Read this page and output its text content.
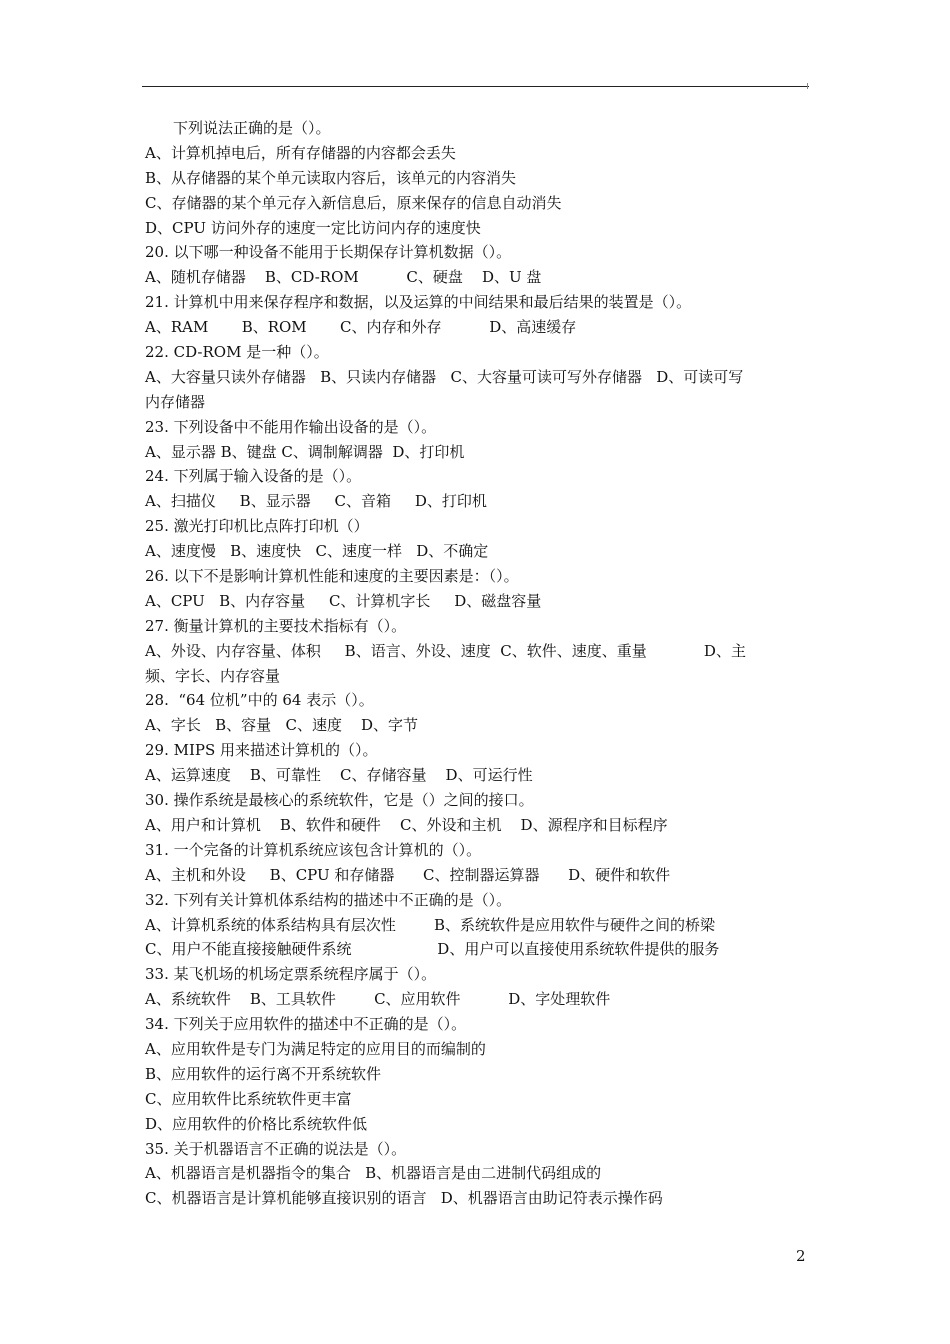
下列说法正确的是（）。
A、计算机掉电后，所有存储器的内容都会丢失
B、从存储器的某个单元读取内容后，该单元的内容消失
C、存储器的某个单元存入新信息后，原来保存的信息自动消失
D、CPU 访问外存的速度一定比访问内存的速度快
20. 以下哪一种设备不能用于长期保存计算机数据（）。
A、随机存储器    B、CD-ROM          C、硬盘    D、U 盘
21. 计算机中用来保存程序和数据，以及运算的中间结果和最后结果的装置是（）。
A、RAM       B、ROM       C、内存和外存          D、高速缓存
22. CD-ROM 是一种（）。
A、大容量只读外存储器   B、只读内存储器   C、大容量可读可写外存储器   D、可读可写
内存储器
23. 下列设备中不能用作输出设备的是（）。
A、显示器 B、键盘 C、调制解调器  D、打印机
24. 下列属于输入设备的是（）。
A、扫描仪     B、显示器     C、音箱     D、打印机
25. 激光打印机比点阵打印机（）
A、速度慢   B、速度快   C、速度一样   D、不确定
26. 以下不是影响计算机性能和速度的主要因素是：（）。
A、CPU   B、内存容量     C、计算机字长     D、磁盘容量
27. 衡量计算机的主要技术指标有（）。
A、外设、内存容量、体积     B、语言、外设、速度  C、软件、速度、重量            D、主
频、字长、内存容量
28.  “64 位机”中的 64 表示（）。
A、字长   B、容量   C、速度    D、字节
29. MIPS 用来描述计算机的（）。
A、运算速度    B、可靠性    C、存储容量    D、可运行性
30. 操作系统是最核心的系统软件，它是（）之间的接口。
A、用户和计算机    B、软件和硬件    C、外设和主机    D、源程序和目标程序
31. 一个完备的计算机系统应该包含计算机的（）。
A、主机和外设     B、CPU 和存储器      C、控制器运算器      D、硬件和软件
32. 下列有关计算机体系结构的描述中不正确的是（）。
A、计算机系统的体系结构具有层次性        B、系统软件是应用软件与硬件之间的桥梁
C、用户不能直接接触硬件系统                  D、用户可以直接使用系统软件提供的服务
33. 某飞机场的机场定票系统程序属于（）。
A、系统软件    B、工具软件        C、应用软件          D、字处理软件
34. 下列关于应用软件的描述中不正确的是（）。
A、应用软件是专门为满足特定的应用目的而编制的
B、应用软件的运行离不开系统软件
C、应用软件比系统软件更丰富
D、应用软件的价格比系统软件低
35. 关于机器语言不正确的说法是（）。
A、机器语言是机器指令的集合   B、机器语言是由二进制代码组成的
C、机器语言是计算机能够直接识别的语言   D、机器语言由助记符表示操作码
2
